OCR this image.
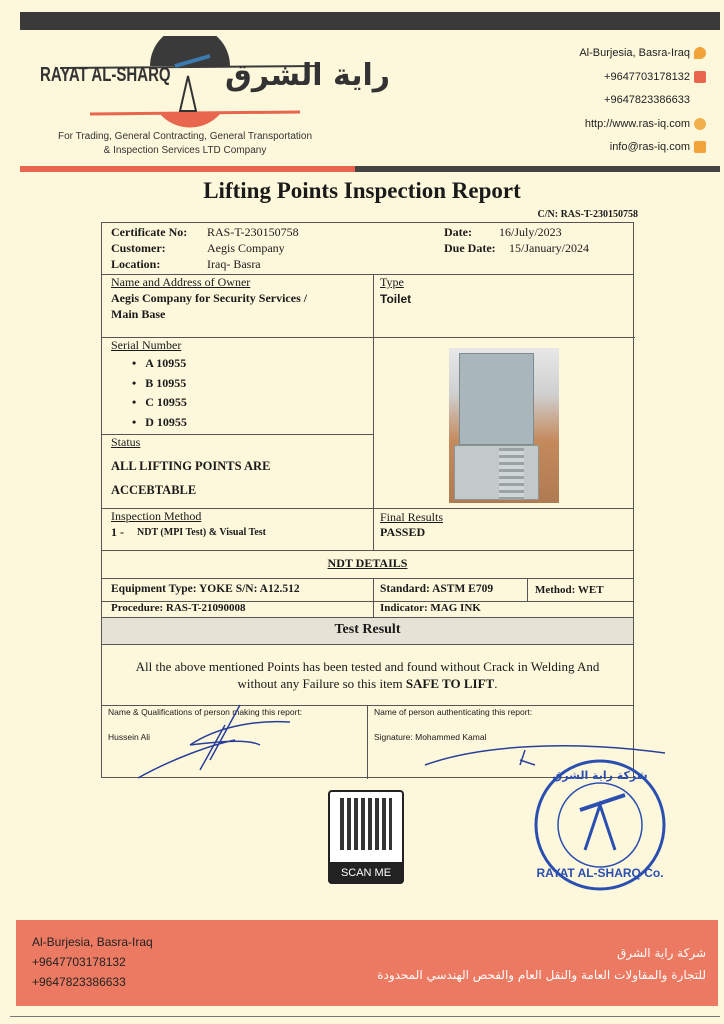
RAYAT AL-SHARQ راية الشرق
For Trading, General Contracting, General Transportation
& Inspection Services LTD Company
Al-Burjesia, Basra-Iraq
+9647703178132
+9647823386633
http://www.ras-iq.com
info@ras-iq.com
Lifting Points Inspection Report
C/N: RAS-T-230150758
Certificate No: RAS-T-230150758
Customer:	Aegis Company
Location:	Iraq- Basra
Date: 16/July/2023
Due Date: 15/January/2024
Name and Address of Owner
Aegis Company for Security Services /
Main Base
Type
Toilet
Serial Number
•   A 10955
•   B 10955
•   C 10955
•   D 10955
Status
ALL LIFTING POINTS ARE
ACCEBTABLE
Inspection Method
1 - NDT (MPI Test) & Visual Test
Final Results
PASSED
NDT DETAILS
Equipment Type: YOKE S/N: A12.512	Standard: ASTM E709	Method: WET
Procedure: RAS-T-21090008	Indicator: MAG INK
Test Result
All the above mentioned Points has been tested and found without Crack in Welding And
without any Failure so this item SAFE TO LIFT.
Name & Qualifications of person making this report:
Hussein Ali
Name of person authenticating this report:
Signature: Mohammed Kamal
RAYAT AL-SHARQ Co.
شركة راية الشرق
SCAN ME
Al-Burjesia, Basra-Iraq
+9647703178132
+9647823386633
شركة راية الشرق
للتجارة والمقاولات العامة والنقل العام والفحص الهندسي المحدودة
